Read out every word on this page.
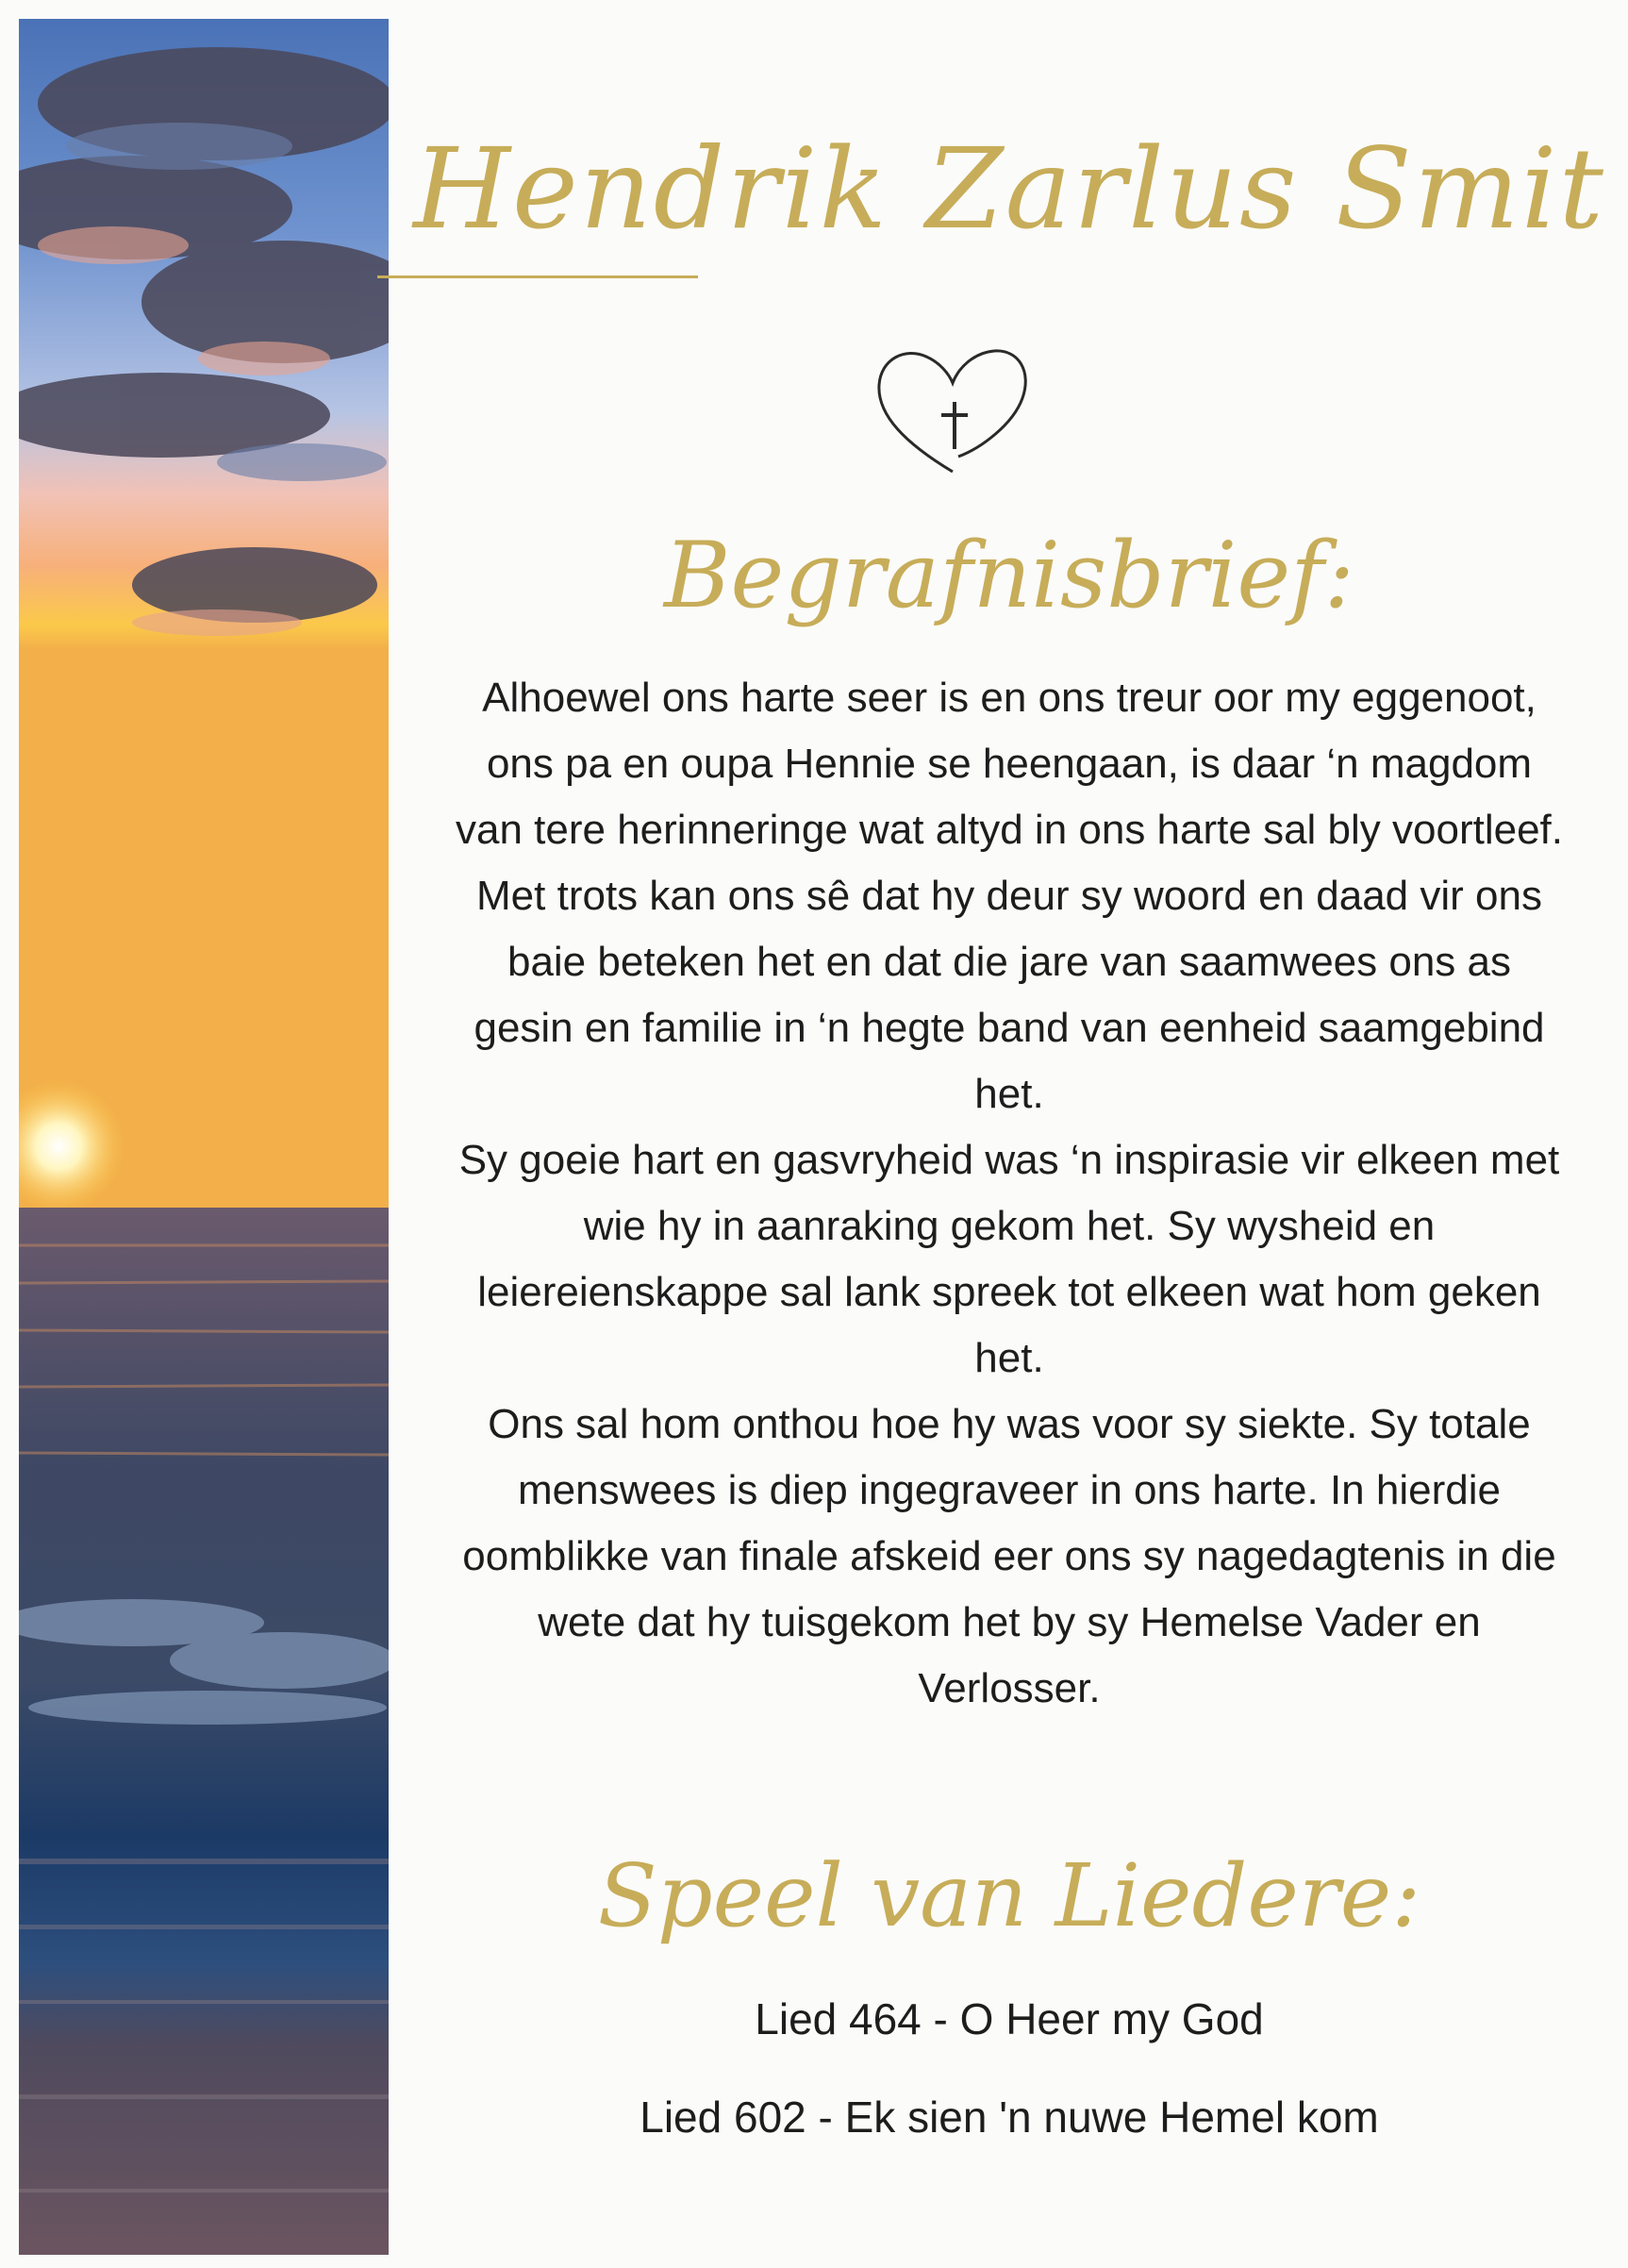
Hendrik Zarlus Smit
Begrafnisbrief:

Alhoewel ons harte seer is en ons treur oor my eggenoot, ons pa en oupa Hennie se heengaan, is daar ‘n magdom van tere herinneringe wat altyd in ons harte sal bly voortleef.

Met trots kan ons sê dat hy deur sy woord en daad vir ons baie beteken het en dat die jare van saamwees ons as gesin en familie in ‘n hegte band van eenheid saamgebind het.

Sy goeie hart en gasvryheid was ‘n inspirasie vir elkeen met wie hy in aanraking gekom het. Sy wysheid en leiereienskappe sal lank spreek tot elkeen wat hom geken het.

Ons sal hom onthou hoe hy was voor sy siekte. Sy totale menswees is diep ingegraveer in ons harte. In hierdie oomblikke van finale afskeid eer ons sy nagedagtenis in die wete dat hy tuisgekom het by sy Hemelse Vader en Verlosser.

Speel van Liedere:
Lied 464 - O Heer my God
Lied 602 - Ek sien 'n nuwe Hemel kom
